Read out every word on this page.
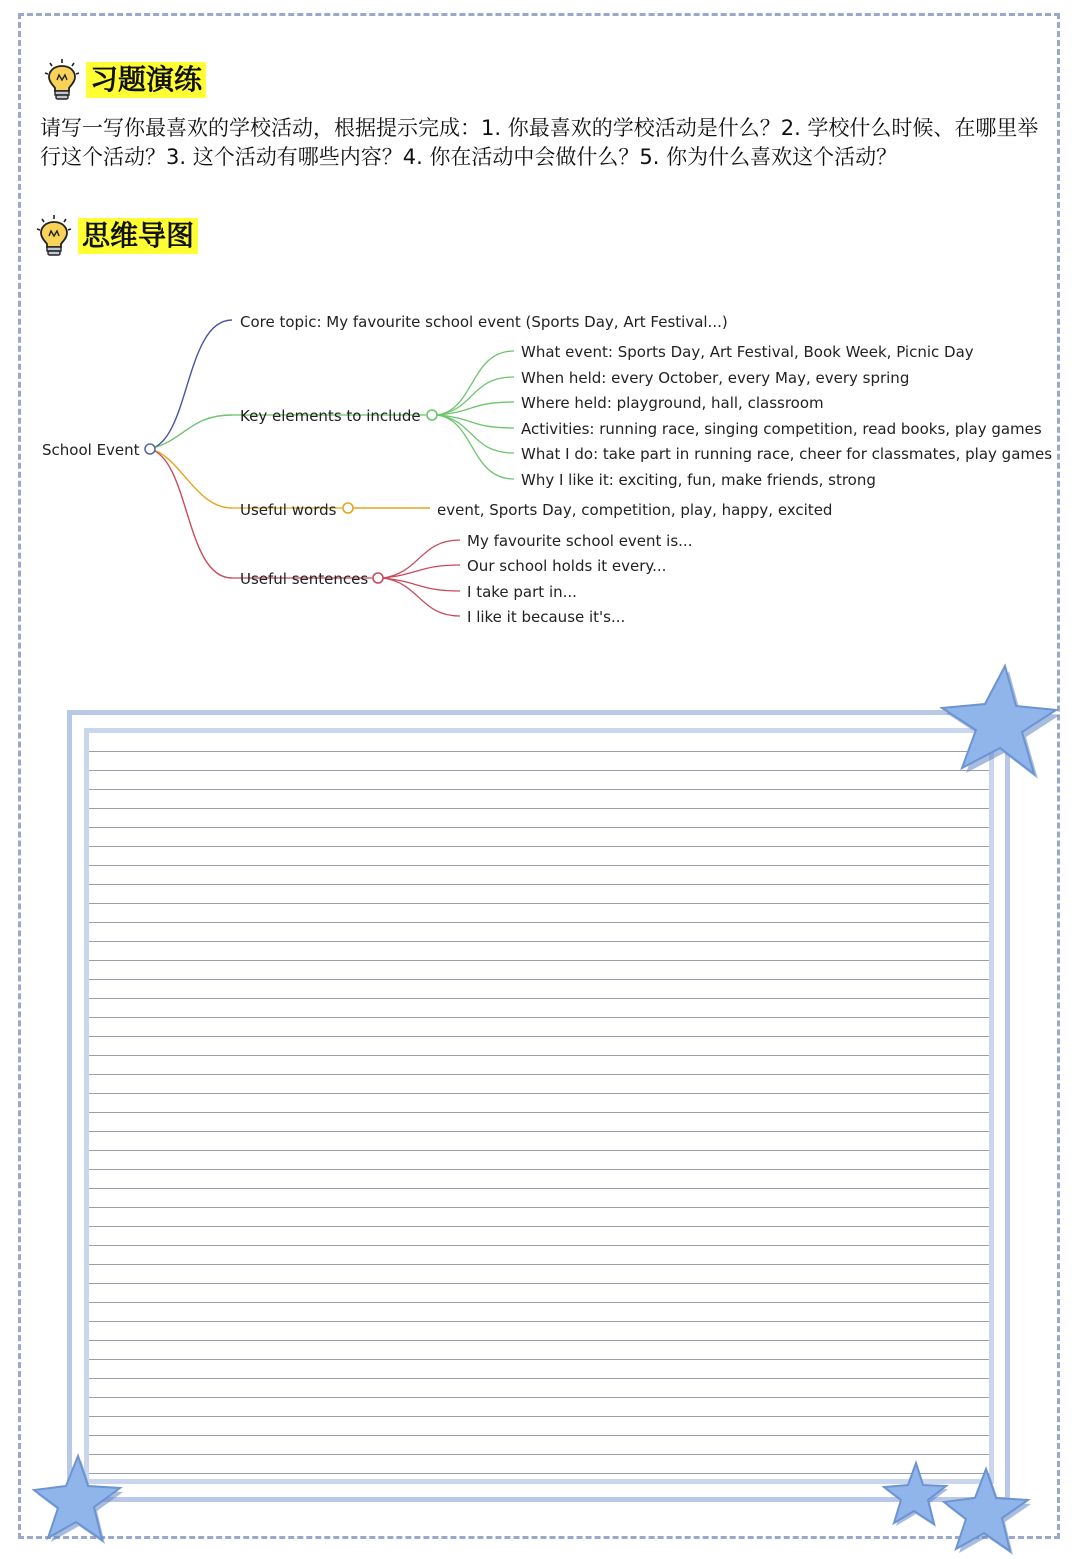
习题演练
请写一写你最喜欢的学校活动，根据提示完成：1. 你最喜欢的学校活动是什么？2. 学校什么时候、在哪里举行这个活动？3. 这个活动有哪些内容？4. 你在活动中会做什么？5. 你为什么喜欢这个活动？
思维导图
School Event
Core topic: My favourite school event (Sports Day, Art Festival...)
Key elements to include
Useful words
Useful sentences
What event: Sports Day, Art Festival, Book Week, Picnic Day
When held: every October, every May, every spring
Where held: playground, hall, classroom
Activities: running race, singing competition, read books, play games
What I do: take part in running race, cheer for classmates, play games
Why I like it: exciting, fun, make friends, strong
event, Sports Day, competition, play, happy, excited
My favourite school event is...
Our school holds it every...
I take part in...
I like it because it's...
